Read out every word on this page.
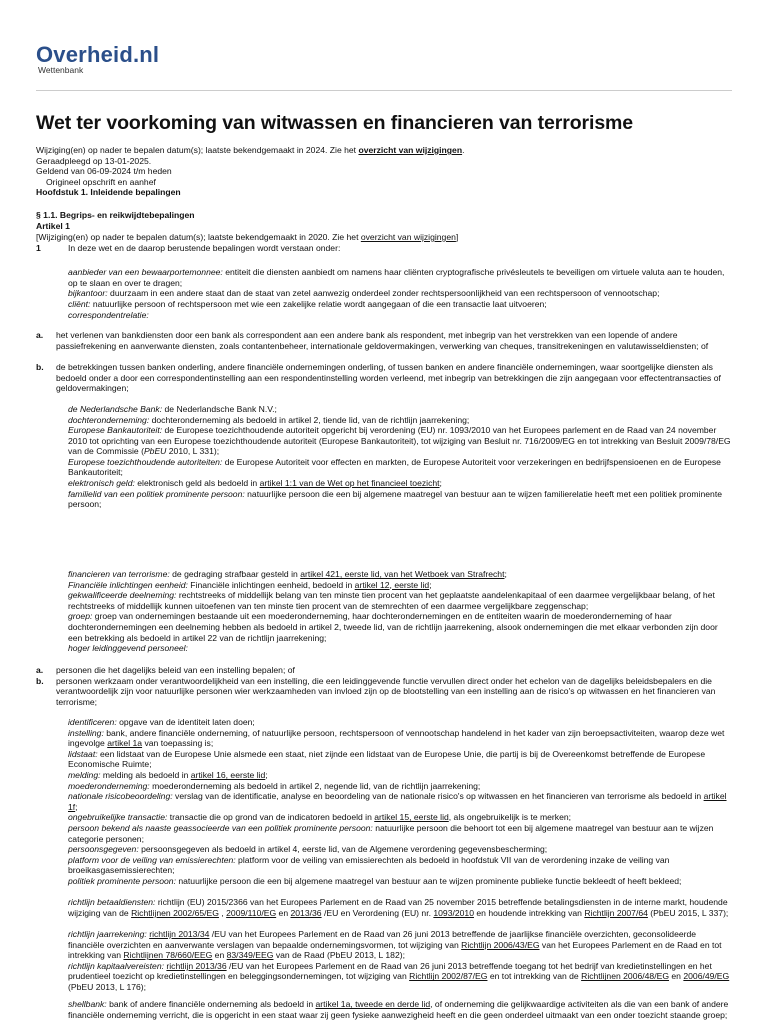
Overheid.nl
Wettenbank
Wet ter voorkoming van witwassen en financieren van terrorisme
Wijziging(en) op nader te bepalen datum(s); laatste bekendgemaakt in 2024. Zie het overzicht van wijzigingen.
Geraadpleegd op 13-01-2025.
Geldend van 06-09-2024 t/m heden
Origineel opschrift en aanhef
Hoofdstuk 1. Inleidende bepalingen
§ 1.1. Begrips- en reikwijdtebepalingen
Artikel 1
[Wijziging(en) op nader te bepalen datum(s); laatste bekendgemaakt in 2020. Zie het overzicht van wijzigingen]
1	In deze wet en de daarop berustende bepalingen wordt verstaan onder:
aanbieder van een bewaarportemonnee: entiteit die diensten aanbiedt om namens haar cliënten cryptografische privésleutels te beveiligen om virtuele valuta aan te houden, op te slaan en over te dragen;
bijkantoor: duurzaam in een andere staat dan de staat van zetel aanwezig onderdeel zonder rechtspersoonlijkheid van een rechtspersoon of vennootschap;
cliënt: natuurlijke persoon of rechtspersoon met wie een zakelijke relatie wordt aangegaan of die een transactie laat uitvoeren;
correspondentrelatie:
a. het verlenen van bankdiensten door een bank als correspondent aan een andere bank als respondent, met inbegrip van het verstrekken van een lopende of andere passiefrekening en aanverwante diensten, zoals contantenbeheer, internationale geldovermakingen, verwerking van cheques, transitrekeningen en valutawisseldiensten; of
b. de betrekkingen tussen banken onderling, andere financiële ondernemingen onderling, of tussen banken en andere financiële ondernemingen, waar soortgelijke diensten als bedoeld onder a door een correspondentinstelling aan een respondentinstelling worden verleend, met inbegrip van betrekkingen die zijn aangegaan voor effectentransacties of geldovermakingen;
de Nederlandsche Bank: de Nederlandsche Bank N.V.;
dochteronderneming: dochteronderneming als bedoeld in artikel 2, tiende lid, van de richtlijn jaarrekening;
Europese Bankautoriteit: de Europese toezichthoudende autoriteit opgericht bij verordening (EU) nr. 1093/2010 van het Europees parlement en de Raad van 24 november 2010 tot oprichting van een Europese toezichthoudende autoriteit (Europese Bankautoriteit), tot wijziging van Besluit nr. 716/2009/EG en tot intrekking van Besluit 2009/78/EG van de Commissie (PbEU 2010, L 331);
Europese toezichthoudende autoriteiten: de Europese Autoriteit voor effecten en markten, de Europese Autoriteit voor verzekeringen en bedrijfspensioenen en de Europese Bankautoriteit;
elektronisch geld: elektronisch geld als bedoeld in artikel 1:1 van de Wet op het financieel toezicht;
familielid van een politiek prominente persoon: natuurlijke persoon die een bij algemene maatregel van bestuur aan te wijzen familierelatie heeft met een politiek prominente persoon;
financieren van terrorisme: de gedraging strafbaar gesteld in artikel 421, eerste lid, van het Wetboek van Strafrecht;
Financiële inlichtingen eenheid: Financiële inlichtingen eenheid, bedoeld in artikel 12, eerste lid;
gekwalificeerde deelneming: rechtstreeks of middellijk belang van ten minste tien procent van het geplaatste aandelenkapitaal of een daarmee vergelijkbaar belang, of het rechtstreeks of middellijk kunnen uitoefenen van ten minste tien procent van de stemrechten of een daarmee vergelijkbare zeggenschap;
groep: groep van ondernemingen bestaande uit een moederonderneming, haar dochterondernemingen en de entiteiten waarin de moederonderneming of haar dochterondernemingen een deelneming hebben als bedoeld in artikel 2, tweede lid, van de richtlijn jaarrekening, alsook ondernemingen die met elkaar verbonden zijn door een betrekking als bedoeld in artikel 22 van de richtlijn jaarrekening;
hoger leidinggevend personeel:
a. personen die het dagelijks beleid van een instelling bepalen; of
b. personen werkzaam onder verantwoordelijkheid van een instelling, die een leidinggevende functie vervullen direct onder het echelon van de dagelijks beleidsbepalers en die verantwoordelijk zijn voor natuurlijke personen wier werkzaamheden van invloed zijn op de blootstelling van een instelling aan de risico's op witwassen en het financieren van terrorisme;
identificeren: opgave van de identiteit laten doen;
instelling: bank, andere financiële onderneming, of natuurlijke persoon, rechtspersoon of vennootschap handelend in het kader van zijn beroepsactiviteiten, waarop deze wet ingevolge artikel 1a van toepassing is;
lidstaat: een lidstaat van de Europese Unie alsmede een staat, niet zijnde een lidstaat van de Europese Unie, die partij is bij de Overeenkomst betreffende de Europese Economische Ruimte;
melding: melding als bedoeld in artikel 16, eerste lid;
moederonderneming: moederonderneming als bedoeld in artikel 2, negende lid, van de richtlijn jaarrekening;
nationale risicobeoordeling: verslag van de identificatie, analyse en beoordeling van de nationale risico's op witwassen en het financieren van terrorisme als bedoeld in artikel 1f;
ongebruikelijke transactie: transactie die op grond van de indicatoren bedoeld in artikel 15, eerste lid, als ongebruikelijk is te merken;
persoon bekend als naaste geassocieerde van een politiek prominente persoon: natuurlijke persoon die behoort tot een bij algemene maatregel van bestuur aan te wijzen categorie personen;
persoonsgegeven: persoonsgegeven als bedoeld in artikel 4, eerste lid, van de Algemene verordening gegevensbescherming;
platform voor de veiling van emissierechten: platform voor de veiling van emissierechten als bedoeld in hoofdstuk VII van de verordening inzake de veiling van broeikasgasemissierechten;
politiek prominente persoon: natuurlijke persoon die een bij algemene maatregel van bestuur aan te wijzen prominente publieke functie bekleedt of heeft bekleed;
richtlijn betaaldiensten: richtlijn (EU) 2015/2366 van het Europees Parlement en de Raad van 25 november 2015 betreffende betalingsdiensten in de interne markt, houdende wijziging van de Richtlijnen 2002/65/EG , 2009/110/EG en 2013/36 /EU en Verordening (EU) nr. 1093/2010 en houdende intrekking van Richtlijn 2007/64 (PbEU 2015, L 337);
richtlijn jaarrekening: richtlijn 2013/34 /EU van het Europees Parlement en de Raad van 26 juni 2013 betreffende de jaarlijkse financiële overzichten, geconsolideerde financiële overzichten en aanverwante verslagen van bepaalde ondernemingsvormen, tot wijziging van Richtlijn 2006/43/EG van het Europees Parlement en de Raad en tot intrekking van Richtlijnen 78/660/EEG en 83/349/EEG van de Raad (PbEU 2013, L 182);
richtlijn kapitaalvereisten: richtlijn 2013/36 /EU van het Europees Parlement en de Raad van 26 juni 2013 betreffende toegang tot het bedrijf van kredietinstellingen en het prudentieel toezicht op kredietinstellingen en beleggingsondernemingen, tot wijziging van Richtlijn 2002/87/EG en tot intrekking van de Richtlijnen 2006/48/EG en 2006/49/EG (PbEU 2013, L 176);
shellbank: bank of andere financiële onderneming als bedoeld in artikel 1a, tweede en derde lid, of onderneming die gelijkwaardige activiteiten als die van een bank of andere financiële onderneming verricht, die is opgericht in een staat waar zij geen fysieke aanwezigheid heeft en die geen onderdeel uitmaakt van een onder toezicht staande groep;
